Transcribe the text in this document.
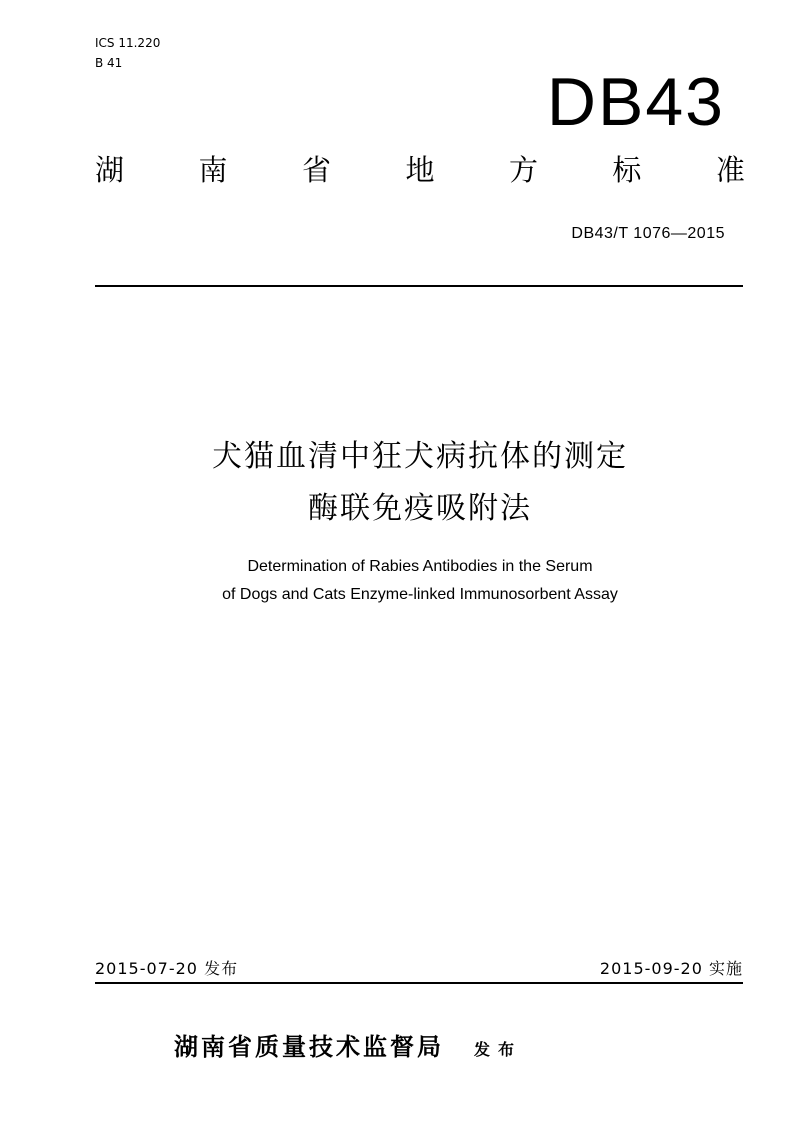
ICS 11.220
B 41
DB43
湖	南	省	地	方	标	准
DB43/T 1076—2015
犬猫血清中狂犬病抗体的测定
酶联免疫吸附法
Determination of Rabies Antibodies in the Serum
of Dogs and Cats Enzyme-linked Immunosorbent Assay
2015-07-20 发布	2015-09-20 实施
湖南省质量技术监督局 发布
